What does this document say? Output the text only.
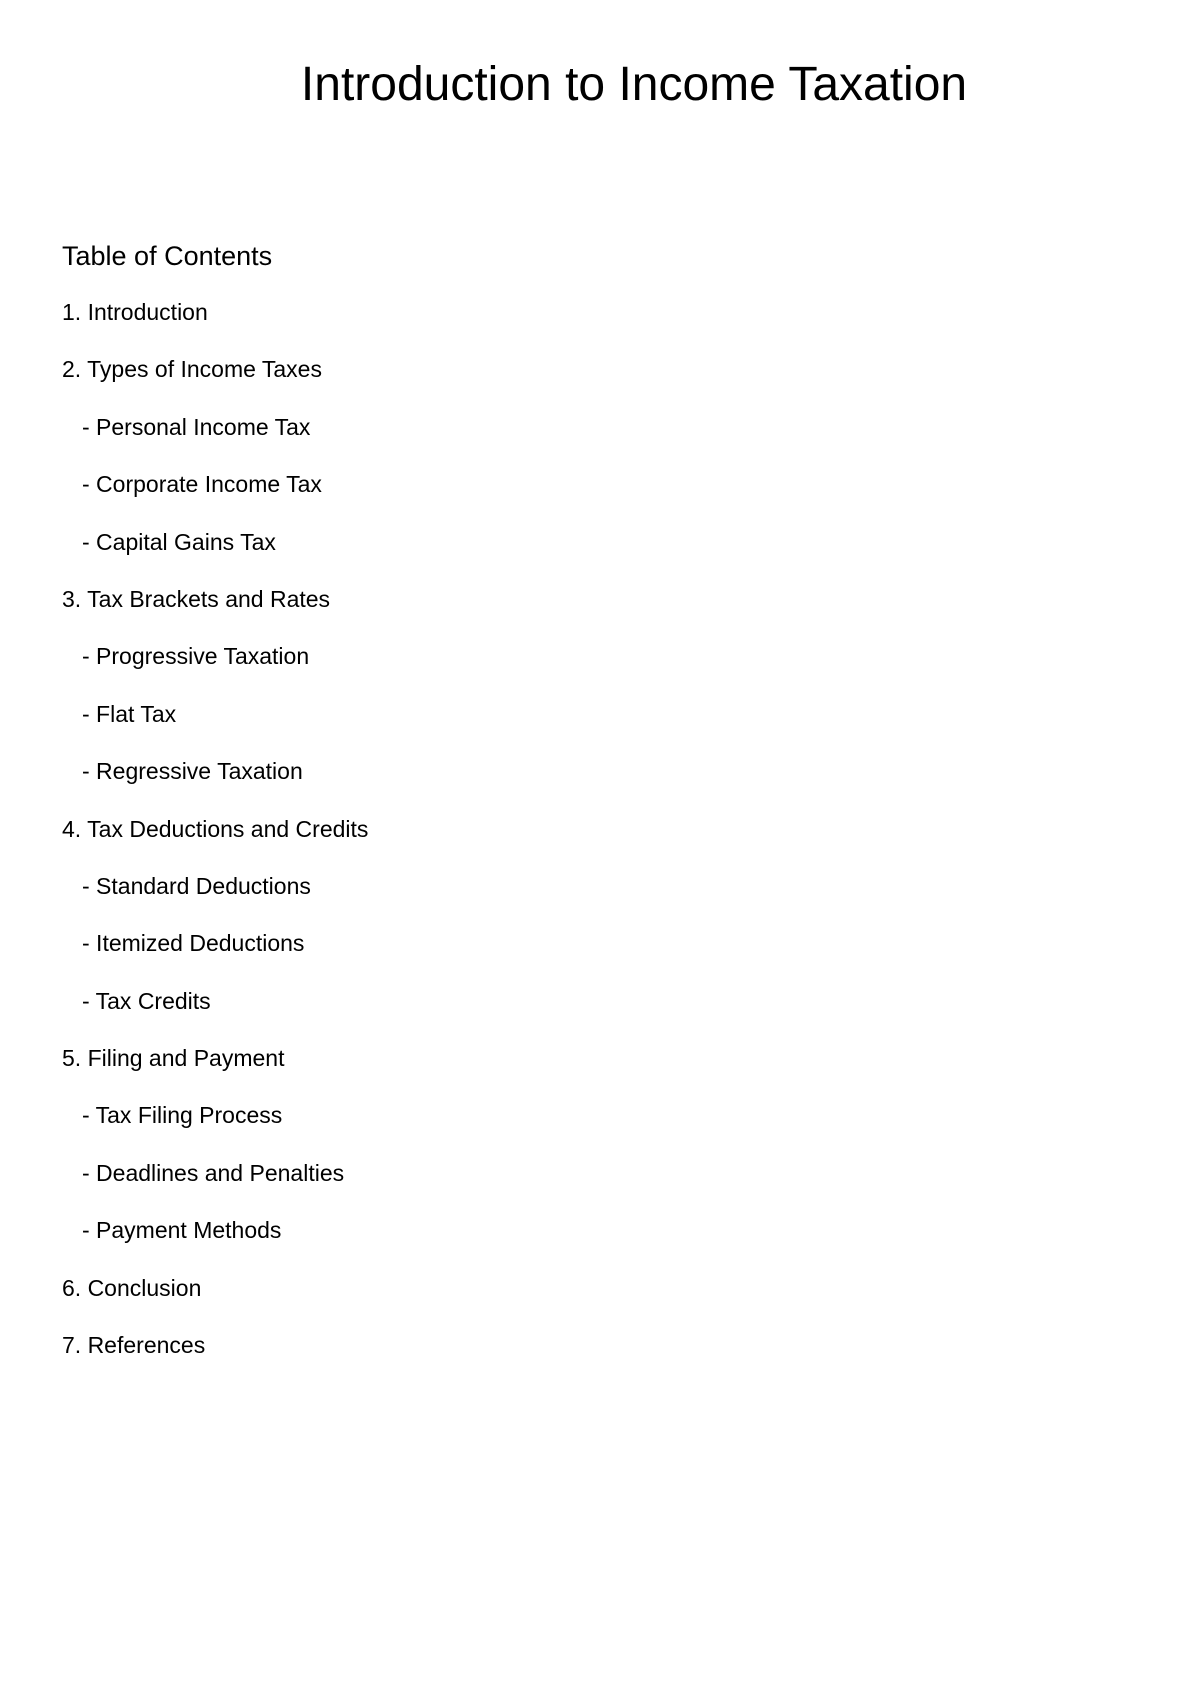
Introduction to Income Taxation
Table of Contents
1. Introduction
2. Types of Income Taxes
- Personal Income Tax
- Corporate Income Tax
- Capital Gains Tax
3. Tax Brackets and Rates
- Progressive Taxation
- Flat Tax
- Regressive Taxation
4. Tax Deductions and Credits
- Standard Deductions
- Itemized Deductions
- Tax Credits
5. Filing and Payment
- Tax Filing Process
- Deadlines and Penalties
- Payment Methods
6. Conclusion
7. References
